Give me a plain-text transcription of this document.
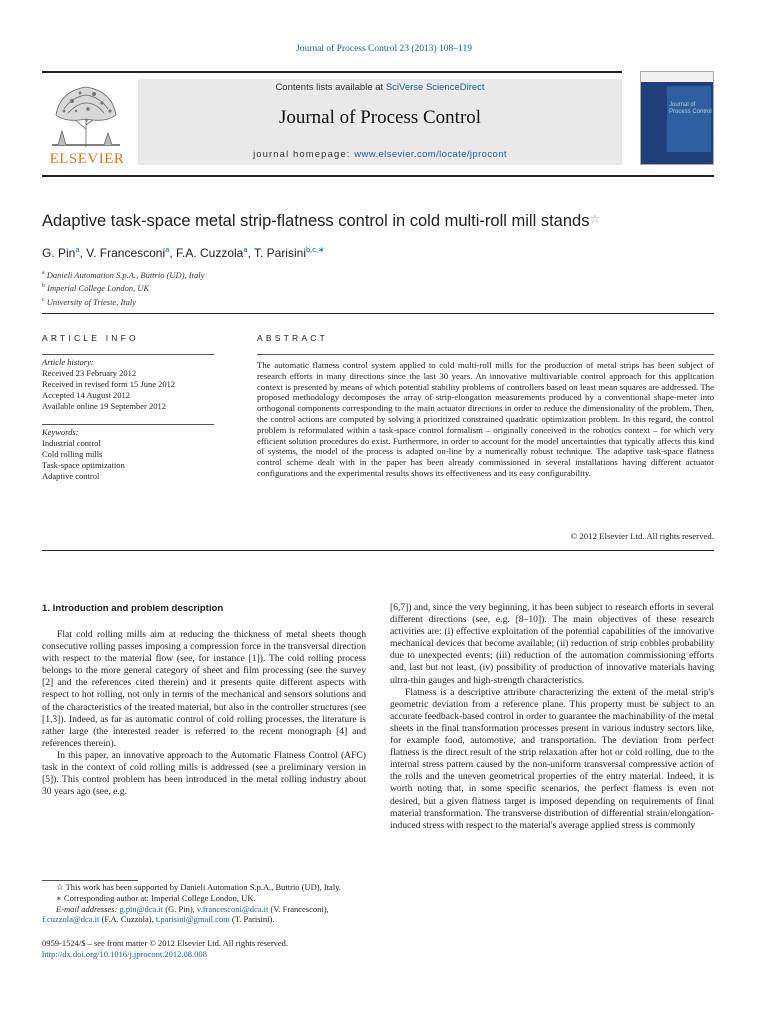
Journal of Process Control 23 (2013) 108–119
ELSEVIER
Contents lists available at SciVerse ScienceDirect
Journal of Process Control
journal homepage: www.elsevier.com/locate/jprocont
Journal of
Process Control
Adaptive task-space metal strip-flatness control in cold multi-roll mill stands☆
G. Pin$^a$, V. Francesconi$^a$, F.A. Cuzzola$^a$, T. Parisini$^{b,c,∗}$
$^a$ Danieli Automation S.p.A., Buttrio (UD), Italy
$^b$ Imperial College London, UK
$^c$ University of Trieste, Italy
ARTICLE INFO	ABSTRACT
Article history:
Received 23 February 2012
Received in revised form 15 June 2012
Accepted 14 August 2012
Available online 19 September 2012
Keywords:
Industrial control
Cold rolling mills
Task-space optimization
Adaptive control
The automatic flatness control system applied to cold multi-roll mills for the production of metal strips has been subject of research efforts in many directions since the last 30 years. An innovative multivariable control approach for this application context is presented by means of which potential stability problems of controllers based on least mean squares are addressed. The proposed methodology decomposes the array of strip-elongation measurements produced by a conventional shape-meter into orthogonal components corresponding to the main actuator directions in order to reduce the dimensionality of the problem. Then, the control actions are computed by solving a prioritized constrained quadratic optimization problem. In this regard, the control problem is reformulated within a task-space control formalism – originally conceived in the robotics context – for which very efficient solution procedures do exist. Furthermore, in order to account for the model uncertainties that typically affects this kind of systems, the model of the process is adapted on-line by a numerically robust technique. The adaptive task-space flatness control scheme dealt with in the paper has been already commissioned in several installations having different actuator configurations and the experimental results shows its effectiveness and its easy configurability.
© 2012 Elsevier Ltd. All rights reserved.
1. Introduction and problem description

Flat cold rolling mills aim at reducing the thickness of metal sheets though consecutive rolling passes imposing a compression force in the transversal direction with respect to the material flow (see, for instance [1]). The cold rolling process belongs to the more general category of sheet and film processing (see the survey [2] and the references cited therein) and it presents quite different aspects with respect to hot rolling, not only in terms of the mechanical and sensors solutions and of the characteristics of the treated material, but also in the controller structures (see [1,3]). Indeed, as far as automatic control of cold rolling processes, the literature is rather large (the interested reader is referred to the recent monograph [4] and references therein).

In this paper, an innovative approach to the Automatic Flatness Control (AFC) task in the context of cold rolling mills is addressed (see a preliminary version in [5]). This control problem has been introduced in the metal rolling industry about 30 years ago (see, e.g.

[6,7]) and, since the very beginning, it has been subject to research efforts in several different directions (see, e.g. [8–10]). The main objectives of these research activities are: (i) effective exploitation of the potential capabilities of the innovative mechanical devices that become available; (ii) reduction of strip cobbles probability due to unexpected events; (iii) reduction of the automation commissioning efforts and, last but not least, (iv) possibility of production of innovative materials having ultra-thin gauges and high-strength characteristics.

Flatness is a descriptive attribute characterizing the extent of the metal strip's geometric deviation from a reference plane. This property must be subject to an accurate feedback-based control in order to guarantee the machinability of the metal sheets in the final transformation processes present in various industry sectors like, for example food, automotive, and transportation. The deviation from perfect flatness is the direct result of the strip relaxation after hot or cold rolling, due to the internal stress pattern caused by the non-uniform transversal compressive action of the rolls and the uneven geometrical properties of the entry material. Indeed, it is worth noting that, in some specific scenarios, the perfect flatness is even not desired, but a given flatness target is imposed depending on requirements of final material transformation. The transverse distribution of differential strain/elongation-induced stress with respect to the material's average applied stress is commonly

☆ This work has been supported by Danieli Automation S.p.A., Buttrio (UD), Italy.
∗ Corresponding author at: Imperial College London, UK.
E-mail addresses: g.pin@dca.it (G. Pin), v.francesconi@dca.it (V. Francesconi),
f.cuzzola@dca.it (F.A. Cuzzola), t.parisini@gmail.com (T. Parisini).
0959-1524/$ – see front matter © 2012 Elsevier Ltd. All rights reserved.
http://dx.doi.org/10.1016/j.jprocont.2012.08.008
